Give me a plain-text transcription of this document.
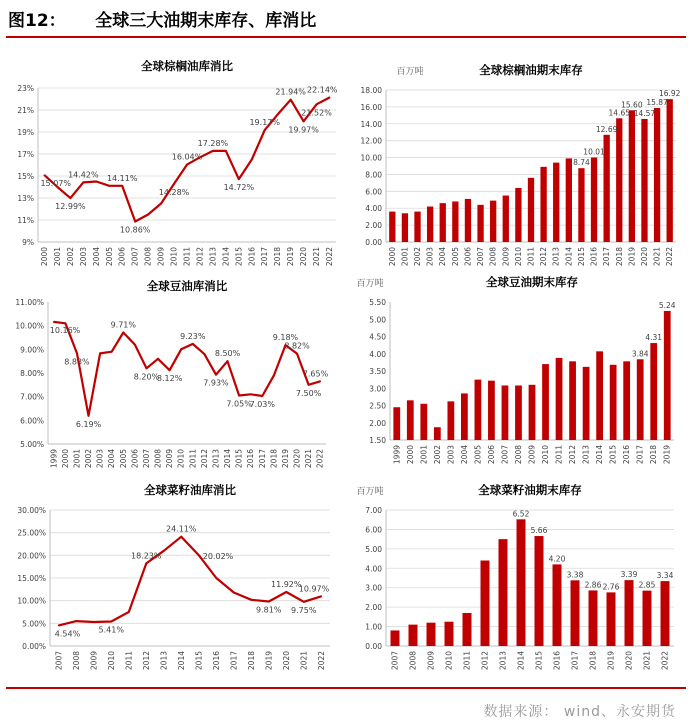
图12：     全球三大油期末库存、库消比
全球棕榈油库消比
9%
11%
13%
15%
17%
19%
21%
23%
2000 2001 2002 2003 2004 2005 2006 2007 2008 2009 2010 2011 2012 2013 2014 2015 2016 2017 2018 2019 2020 2021 2022
15.07%
12.99%
14.42% 14.11%
10.86%
14.28%
16.04%
17.28%
14.72%
19.17%
21.94%
19.97%
21.52%
22.14%
全球棕榈油期末库存
百万吨
0.00
2.00
4.00
6.00
8.00
10.00
12.00
14.00
16.00
18.00
2000 2001 2002 2003 2004 2005 2006 2007 2008 2009 2010 2011 2012 2013 2014 2015 2016 2017 2018 2019 2020 2021 2022
8.74
10.01
12.69
14.65
15.60
14.57
15.87
16.92
全球豆油库消比
5.00%
6.00%
7.00%
8.00%
9.00%
10.00%
11.00%
1999 2000 2001 2002 2003 2004 2005 2006 2007 2008 2009 2010 2011 2012 2013 2014 2015 2016 2017 2018 2019 2020 2021 2022
10.16%
8.83%
6.19%
9.71%
8.20%
8.12%
9.23%
7.93%
8.50%
7.05%
7.03%
9.18%
8.82%
7.50%
7.65%
全球豆油期末库存
百万吨
1.50
2.00
2.50
3.00
3.50
4.00
4.50
5.00
5.50
1999 2000 2001 2002 2003 2004 2005 2006 2007 2008 2009 2010 2011 2012 2013 2014 2015 2016 2017 2018 2019
3.84
4.31
5.24
全球菜籽油库消比
0.00%
5.00%
10.00%
15.00%
20.00%
25.00%
30.00%
2007 2008 2009 2010 2011 2012 2013 2014 2015 2016 2017 2018 2019 2020 2021 2022
4.54% 5.41%
18.23%
24.11%
20.02%
9.81%
11.92%
9.75%
10.97%
全球菜籽油期末库存
百万吨
0.00
1.00
2.00
3.00
4.00
5.00
6.00
7.00
2007 2008 2009 2010 2011 2012 2013 2014 2015 2016 2017 2018 2019 2020 2021 2022
6.52
5.66
4.20
3.38
2.86 2.76
3.39
2.85
3.34
数据来源： wind、永安期货
